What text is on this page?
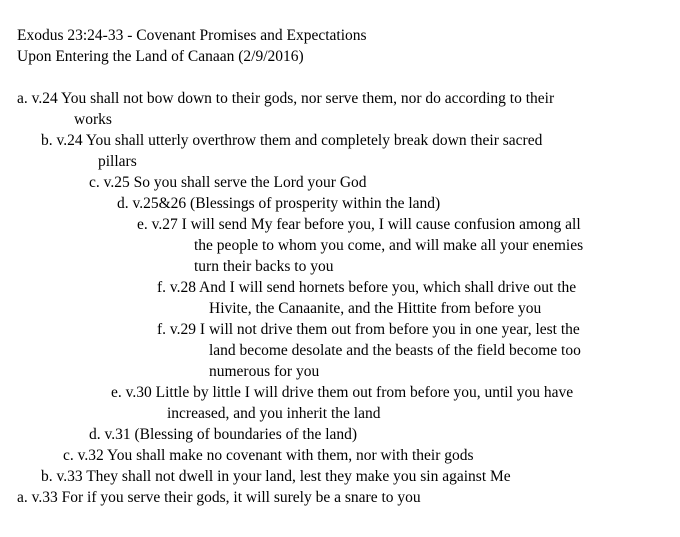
Exodus 23:24-33 - Covenant Promises and Expectations
Upon Entering the Land of Canaan (2/9/2016)
a. v.24 You shall not bow down to their gods, nor serve them, nor do according to their
works
b. v.24 You shall utterly overthrow them and completely break down their sacred
pillars
c. v.25 So you shall serve the Lord your God
d. v.25&26 (Blessings of prosperity within the land)
e. v.27 I will send My fear before you, I will cause confusion among all
the people to whom you come, and will make all your enemies
turn their backs to you
f. v.28 And I will send hornets before you, which shall drive out the
Hivite, the Canaanite, and the Hittite from before you
f. v.29 I will not drive them out from before you in one year, lest the
land become desolate and the beasts of the field become too
numerous for you
e. v.30 Little by little I will drive them out from before you, until you have
increased, and you inherit the land
d. v.31 (Blessing of boundaries of the land)
c. v.32 You shall make no covenant with them, nor with their gods
b. v.33 They shall not dwell in your land, lest they make you sin against Me
a. v.33 For if you serve their gods, it will surely be a snare to you
